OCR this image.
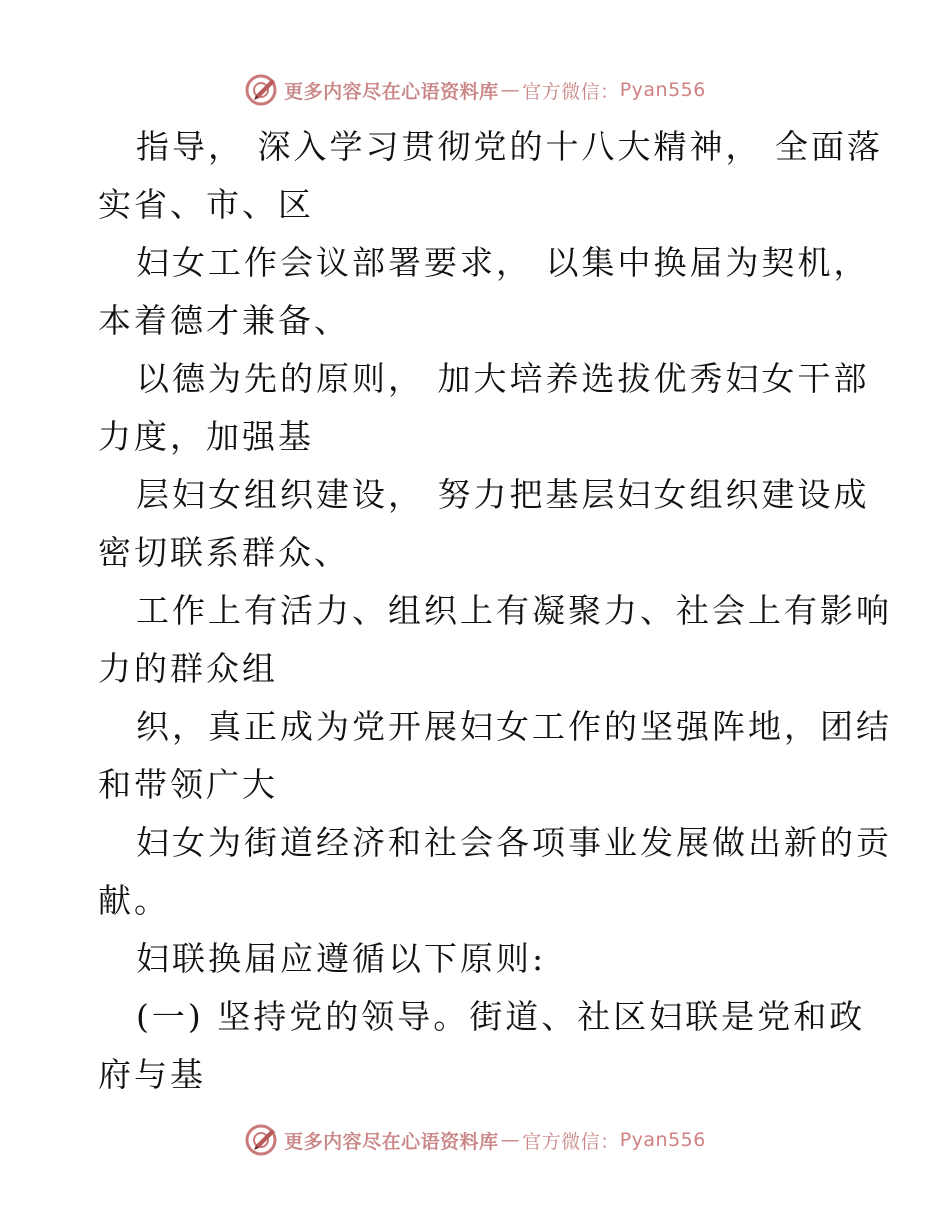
更多内容尽在心语资料库 — 官方微信： Pyan556
指导， 深入学习贯彻党的十八大精神， 全面落
实省、市、区
妇女工作会议部署要求， 以集中换届为契机，
本着德才兼备、
以德为先的原则， 加大培养选拔优秀妇女干部
力度，加强基
层妇女组织建设， 努力把基层妇女组织建设成
密切联系群众、
工作上有活力、组织上有凝聚力、社会上有影响
力的群众组
织，真正成为党开展妇女工作的坚强阵地，团结
和带领广大
妇女为街道经济和社会各项事业发展做出新的贡
献。
妇联换届应遵循以下原则:
(一) 坚持党的领导。街道、社区妇联是党和政
府与基
更多内容尽在心语资料库 — 官方微信： Pyan556
